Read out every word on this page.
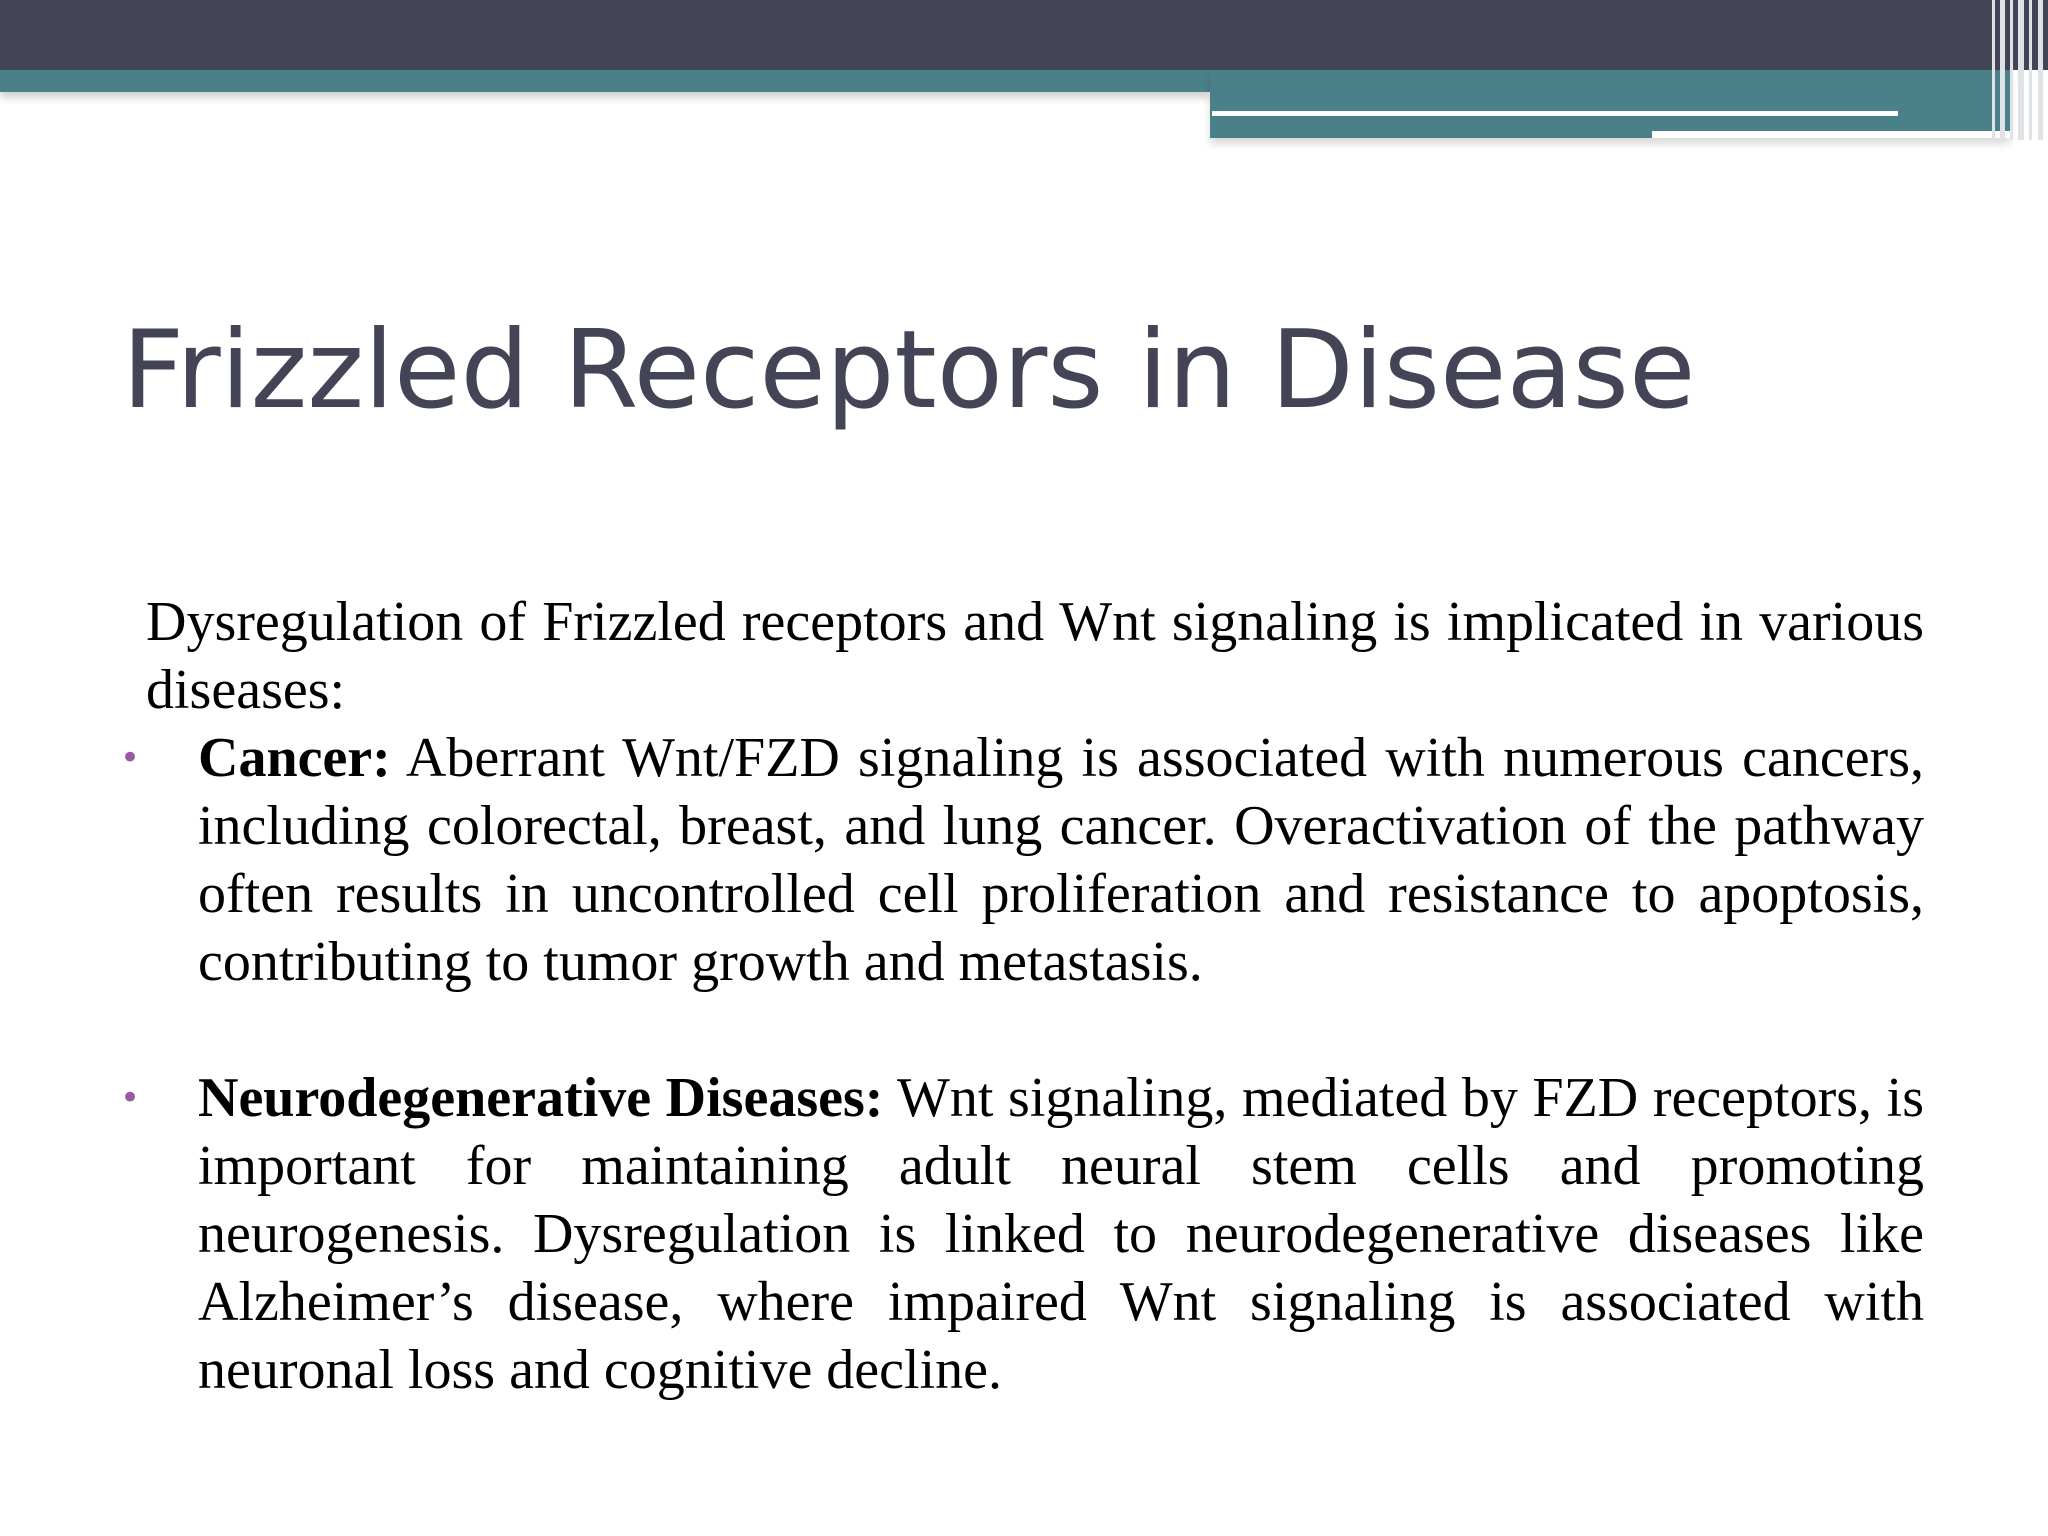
Frizzled Receptors in Disease

Dysregulation of Frizzled receptors and Wnt signaling is implicated in various diseases:

• Cancer: Aberrant Wnt/FZD signaling is associated with numerous cancers, including colorectal, breast, and lung cancer. Overactivation of the pathway often results in uncontrolled cell proliferation and resistance to apoptosis, contributing to tumor growth and metastasis.

• Neurodegenerative Diseases: Wnt signaling, mediated by FZD receptors, is important for maintaining adult neural stem cells and promoting neurogenesis. Dysregulation is linked to neurodegenerative diseases like Alzheimer’s disease, where impaired Wnt signaling is associated with neuronal loss and cognitive decline.
